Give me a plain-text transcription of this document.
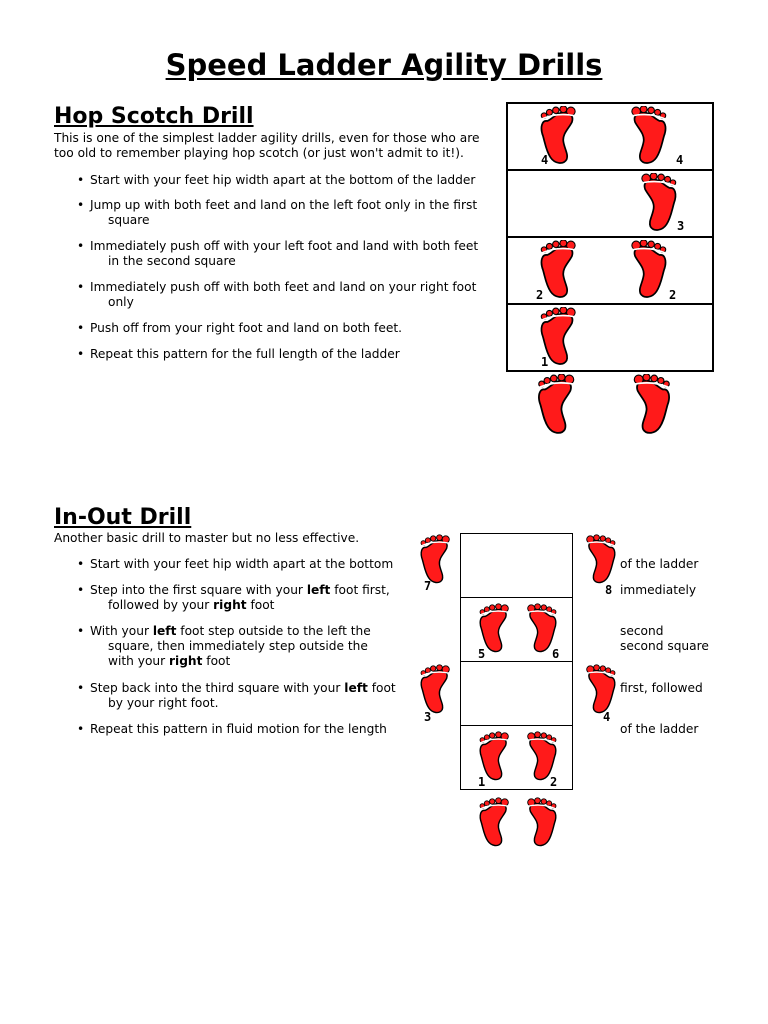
Speed Ladder Agility Drills
Hop Scotch Drill

This is one of the simplest ladder agility drills, even for those who are
too old to remember playing hop scotch (or just won't admit to it!).

• Start with your feet hip width apart at the bottom of the ladder
• Jump up with both feet and land on the left foot only in the first
square
• Immediately push off with your left foot and land with both feet
in the second square
• Immediately push off with both feet and land on your right foot
only
• Push off from your right foot and land on both feet.
• Repeat this pattern for the full length of the ladder
4	4
3
2	2
1
In-Out Drill

Another basic drill to master but no less effective.

• Start with your feet hip width apart at the bottom
• Step into the first square with your left foot first,
followed by your right foot
• With your left foot step outside to the left the
square, then immediately step outside the
with your right foot
• Step back into the third square with your left foot
by your right foot.
• Repeat this pattern in fluid motion for the length
of the ladder
immediately
second
second square
first, followed
of the ladder
7	8
5	6
3	4
1	2
